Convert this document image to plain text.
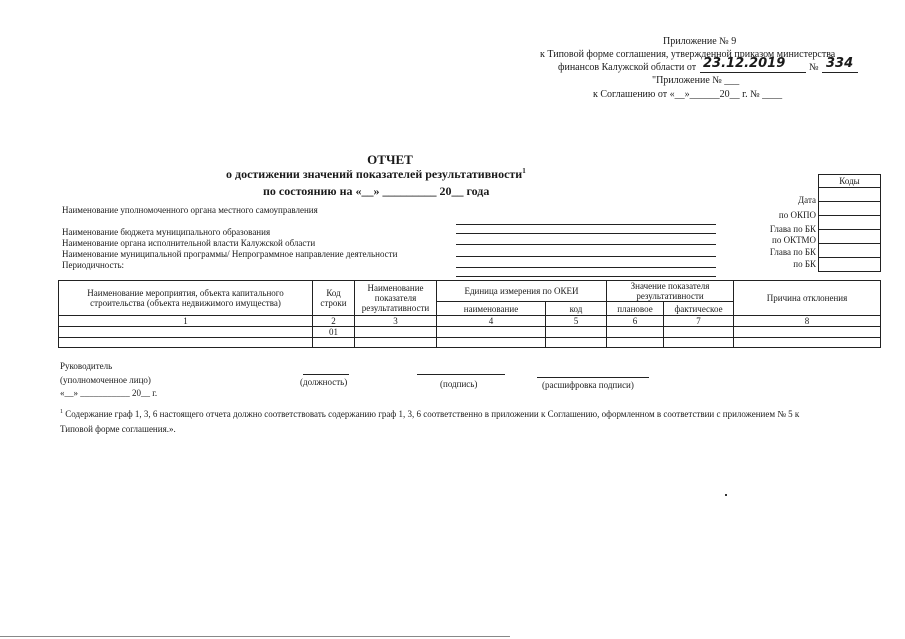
Приложение № 9
к Типовой форме соглашения, утвержденной приказом министерства
финансов Калужской области от 23.12.2019 № 334
"Приложение № ___
к Соглашению от «__»______20__ г. № ____
ОТЧЕТ
о достижении значений показателей результативности$^1$
по состоянию на «__» _________ 20__ года
Дата
по ОКПО
Глава по БК
по ОКТМО
Глава по БК
по БК
Коды

Наименование уполномоченного органа местного самоуправления
Наименование бюджета муниципального образования
Наименование органа исполнительной власти Калужской области
Наименование муниципальной программы/ Непрограммное направление деятельности
Периодичность:
Наименование мероприятия, объекта капитального строительства (объекта недвижимого имущества)	Код строки	Наименование показателя результативности	Единица измерения по ОКЕИ		Значение показателя результативности		Причина отклонения
			наименование	код	плановое	фактическое	
1	2	3	4	5	6	7	8
	01						

Руководитель
(уполномоченное лицо)
«__» ___________ 20__ г.
(должность)	(подпись)	(расшифровка подписи)
$^1$ Содержание граф 1, 3, 6 настоящего отчета должно соответствовать содержанию граф 1, 3, 6 соответственно в приложении к Соглашению, оформленном в соответствии с приложением № 5 к
Типовой форме соглашения.».
